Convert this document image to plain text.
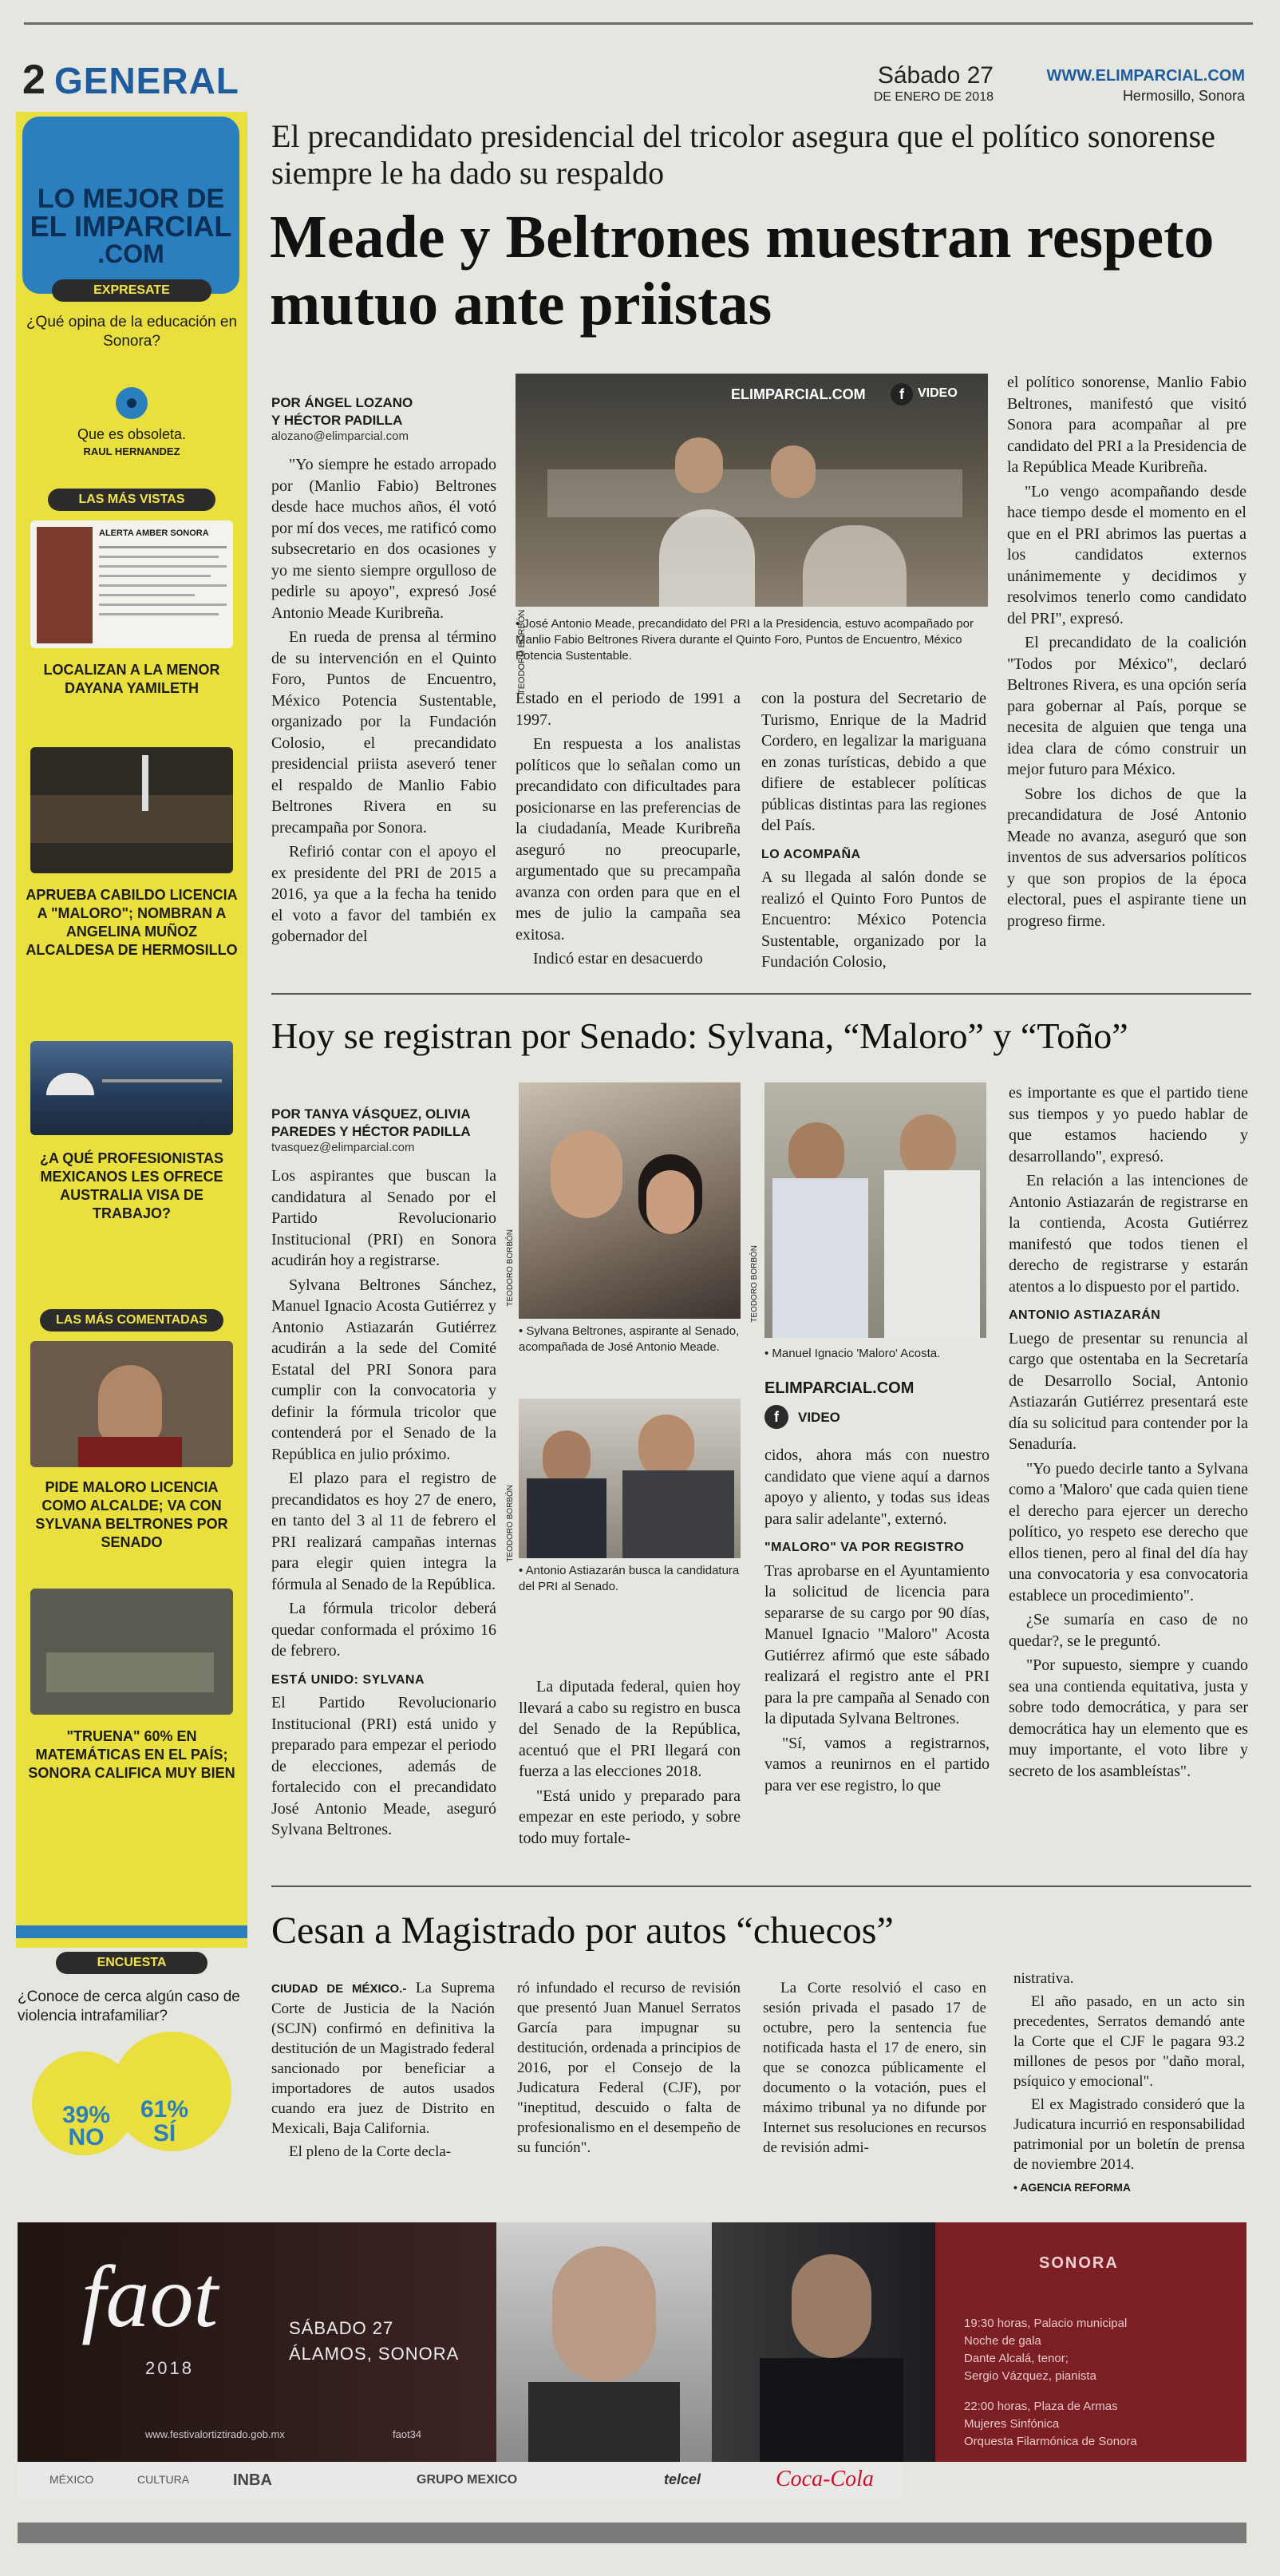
2 GENERAL	Sábado 27
DE ENERO DE 2018
WWW.ELIMPARCIAL.COM
Hermosillo, Sonora
LO MEJOR DE
EL IMPARCIAL
.COM
EXPRESATE
¿Qué opina de la educación en Sonora?
Que es obsoleta.
RAUL HERNANDEZ
LAS MÁS VISTAS
ALERTA AMBER SONORA
LOCALIZAN A LA MENOR DAYANA YAMILETH
APRUEBA CABILDO LICENCIA A "MALORO"; NOMBRAN A ANGELINA MUÑOZ ALCALDESA DE HERMOSILLO
¿A QUÉ PROFESIONISTAS MEXICANOS LES OFRECE AUSTRALIA VISA DE TRABAJO?
LAS MÁS COMENTADAS
PIDE MALORO LICENCIA COMO ALCALDE; VA CON SYLVANA BELTRONES POR SENADO
"TRUENA" 60% EN MATEMÁTICAS EN EL PAÍS; SONORA CALIFICA MUY BIEN
ENCUESTA
¿Conoce de cerca algún caso de violencia intrafamiliar?
39%
NO
61%
SÍ
El precandidato presidencial del tricolor asegura que el político sonorense siempre le ha dado su respaldo
Meade y Beltrones muestran respeto mutuo ante priistas
POR ÁNGEL LOZANO
Y HÉCTOR PADILLA
alozano@elimparcial.com

"Yo siempre he estado arropado por (Manlio Fabio) Beltrones desde hace muchos años, él votó por mí dos veces, me ratificó como subsecretario en dos ocasiones y yo me siento siempre orgulloso de pedirle su apoyo", expresó José Antonio Meade Kuribreña.

En rueda de prensa al término de su intervención en el Quinto Foro, Puntos de Encuentro, México Potencia Sustentable, organizado por la Fundación Colosio, el precandidato presidencial priista aseveró tener el respaldo de Manlio Fabio Beltrones Rivera en su precampaña por Sonora.

Refirió contar con el apoyo el ex presidente del PRI de 2015 a 2016, ya que a la fecha ha tenido el voto a favor del también ex gobernador del

ELIMPARCIAL.COM	f	VIDEO
TEODORO BORBÓN
• José Antonio Meade, precandidato del PRI a la Presidencia, estuvo acompañado por Manlio Fabio Beltrones Rivera durante el Quinto Foro, Puntos de Encuentro, México Potencia Sustentable.

Estado en el periodo de 1991 a 1997.

En respuesta a los analistas políticos que lo señalan como un precandidato con dificultades para posicionarse en las preferencias de la ciudadanía, Meade Kuribreña aseguró no preocuparle, argumentado que su precampaña avanza con orden para que en el mes de julio la campaña sea exitosa.

Indicó estar en desacuerdo

con la postura del Secretario de Turismo, Enrique de la Madrid Cordero, en legalizar la mariguana en zonas turísticas, debido a que difiere de establecer políticas públicas distintas para las regiones del País.

LO ACOMPAÑA

A su llegada al salón donde se realizó el Quinto Foro Puntos de Encuentro: México Potencia Sustentable, organizado por la Fundación Colosio,

el político sonorense, Manlio Fabio Beltrones, manifestó que visitó Sonora para acompañar al pre candidato del PRI a la Presidencia de la República Meade Kuribreña.

"Lo vengo acompañando desde hace tiempo desde el momento en el que en el PRI abrimos las puertas a los candidatos externos unánimemente y decidimos y resolvimos tenerlo como candidato del PRI", expresó.

El precandidato de la coalición "Todos por México", declaró Beltrones Rivera, es una opción sería para gobernar al País, porque se necesita de alguien que tenga una idea clara de cómo construir un mejor futuro para México.

Sobre los dichos de que la precandidatura de José Antonio Meade no avanza, aseguró que son inventos de sus adversarios políticos y que son propios de la época electoral, pues el aspirante tiene un progreso firme.

Hoy se registran por Senado: Sylvana, “Maloro” y “Toño”
POR TANYA VÁSQUEZ, OLIVIA
PAREDES Y HÉCTOR PADILLA
tvasquez@elimparcial.com

Los aspirantes que buscan la candidatura al Senado por el Partido Revolucionario Institucional (PRI) en Sonora acudirán hoy a registrarse.

Sylvana Beltrones Sánchez, Manuel Ignacio Acosta Gutiérrez y Antonio Astiazarán Gutiérrez acudirán a la sede del Comité Estatal del PRI Sonora para cumplir con la convocatoria y definir la fórmula tricolor que contenderá por el Senado de la República en julio próximo.

El plazo para el registro de precandidatos es hoy 27 de enero, en tanto del 3 al 11 de febrero el PRI realizará campañas internas para elegir quien integra la fórmula al Senado de la República.

La fórmula tricolor deberá quedar conformada el próximo 16 de febrero.

ESTÁ UNIDO: SYLVANA

El Partido Revolucionario Institucional (PRI) está unido y preparado para empezar el periodo de elecciones, además de fortalecido con el precandidato José Antonio Meade, aseguró Sylvana Beltrones.

TEODORO BORBÓN
• Sylvana Beltrones, aspirante al Senado, acompañada de José Antonio Meade.
TEODORO BORBÓN
• Manuel Ignacio 'Maloro' Acosta.
ELIMPARCIAL.COM
f	VIDEO
TEODORO BORBÓN
• Antonio Astiazarán busca la candidatura del PRI al Senado.

La diputada federal, quien hoy llevará a cabo su registro en busca del Senado de la República, acentuó que el PRI llegará con fuerza a las elecciones 2018.

"Está unido y preparado para empezar en este periodo, y sobre todo muy fortale-

cidos, ahora más con nuestro candidato que viene aquí a darnos apoyo y aliento, y todas sus ideas para salir adelante", externó.

"MALORO" VA POR REGISTRO

Tras aprobarse en el Ayuntamiento la solicitud de licencia para separarse de su cargo por 90 días, Manuel Ignacio "Maloro" Acosta Gutiérrez afirmó que este sábado realizará el registro ante el PRI para la pre campaña al Senado con la diputada Sylvana Beltrones.

"Sí, vamos a registrarnos, vamos a reunirnos en el partido para ver ese registro, lo que

es importante es que el partido tiene sus tiempos y yo puedo hablar de que estamos haciendo y desarrollando", expresó.

En relación a las intenciones de Antonio Astiazarán de registrarse en la contienda, Acosta Gutiérrez manifestó que todos tienen el derecho de registrarse y estarán atentos a lo dispuesto por el partido.

ANTONIO ASTIAZARÁN

Luego de presentar su renuncia al cargo que ostentaba en la Secretaría de Desarrollo Social, Antonio Astiazarán Gutiérrez presentará este día su solicitud para contender por la Senaduría.

"Yo puedo decirle tanto a Sylvana como a 'Maloro' que cada quien tiene el derecho para ejercer un derecho político, yo respeto ese derecho que ellos tienen, pero al final del día hay una convocatoria y esa convocatoria establece un procedimiento".

¿Se sumaría en caso de no quedar?, se le preguntó.

"Por supuesto, siempre y cuando sea una contienda equitativa, justa y sobre todo democrática, y para ser democrática hay un elemento que es muy importante, el voto libre y secreto de los asambleístas".

Cesan a Magistrado por autos “chuecos”

CIUDAD DE MÉXICO.- La Suprema Corte de Justicia de la Nación (SCJN) confirmó en definitiva la destitución de un Magistrado federal sancionado por beneficiar a importadores de autos usados cuando era juez de Distrito en Mexicali, Baja California.

El pleno de la Corte decla-

ró infundado el recurso de revisión que presentó Juan Manuel Serratos García para impugnar su destitución, ordenada a principios de 2016, por el Consejo de la Judicatura Federal (CJF), por "ineptitud, descuido o falta de profesionalismo en el desempeño de su función".

La Corte resolvió el caso en sesión privada el pasado 17 de octubre, pero la sentencia fue notificada hasta el 17 de enero, sin que se conozca públicamente el documento o la votación, pues el máximo tribunal ya no difunde por Internet sus resoluciones en recursos de revisión admi-

nistrativa.

El año pasado, en un acto sin precedentes, Serratos demandó ante la Corte que el CJF le pagara 93.2 millones de pesos por "daño moral, psíquico y emocional".

El ex Magistrado consideró que la Judicatura incurrió en responsabilidad patrimonial por un boletín de prensa de noviembre 2014.

• AGENCIA REFORMA
faot
2018
SÁBADO 27
ÁLAMOS, SONORA
www.festivalortiztirado.gob.mx	faot34
SONORA
19:30 horas, Palacio municipal
Noche de gala
Dante Alcalá, tenor;
Sergio Vázquez, pianista
22:00 horas, Plaza de Armas
Mujeres Sinfónica
Orquesta Filarmónica de Sonora
MÉXICO	CULTURA	INBA	GRUPO MEXICO	telcel	Coca-Cola
